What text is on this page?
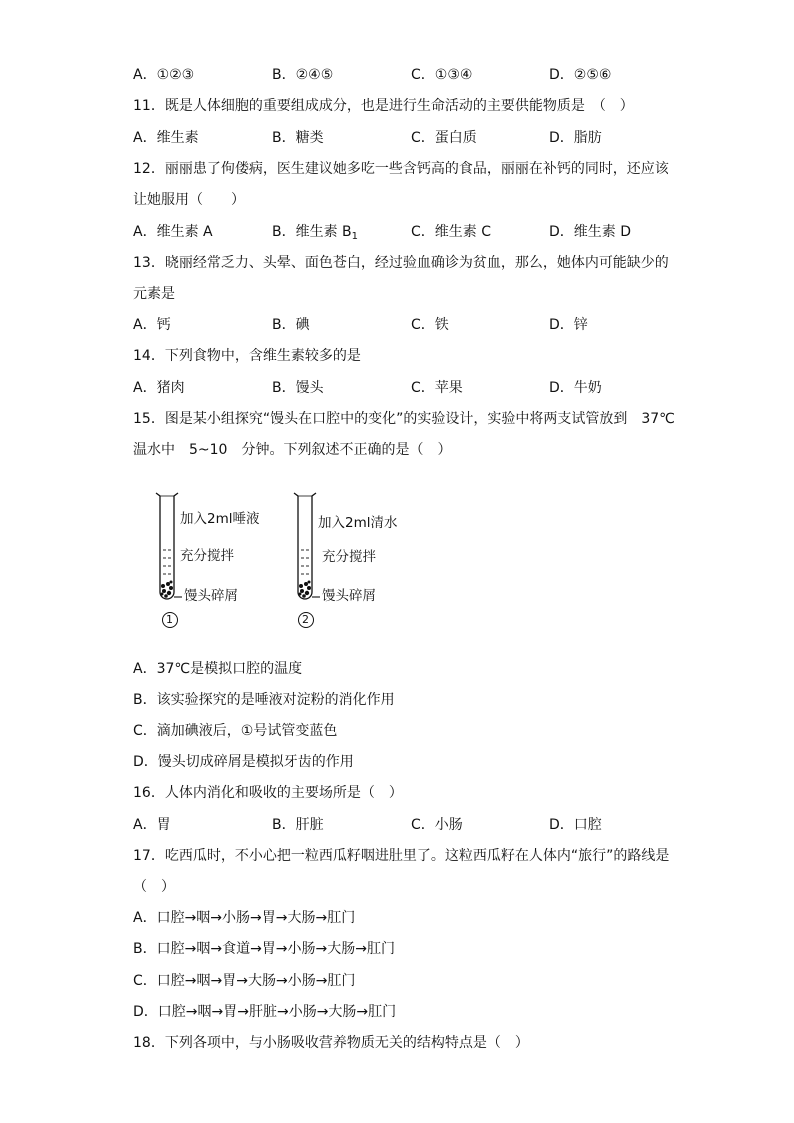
A．①②③	B．②④⑤	C．①③④	D．②⑤⑥
11．既是人体细胞的重要组成成分，也是进行生命活动的主要供能物质是　（　）
A．维生素	B．糖类	C．蛋白质	D．脂肪
12．丽丽患了佝偻病，医生建议她多吃一些含钙高的食品，丽丽在补钙的同时，还应该
让她服用（　　）
A．维生素 A	B．维生素 $B_1$	C．维生素 C	D．维生素 D
13．晓丽经常乏力、头晕、面色苍白，经过验血确诊为贫血，那么，她体内可能缺少的
元素是
A．钙	B．碘	C．铁	D．锌
14．下列食物中，含维生素较多的是
A．猪肉	B．馒头	C．苹果	D．牛奶
15．图是某小组探究“馒头在口腔中的变化”的实验设计，实验中将两支试管放到　37℃
温水中　5~10　分钟。下列叙述不正确的是（　）
加入2ml唾液
充分搅拌
馒头碎屑
加入2ml清水
充分搅拌
馒头碎屑
1	2
A．37℃是模拟口腔的温度
B．该实验探究的是唾液对淀粉的消化作用
C．滴加碘液后，①号试管变蓝色
D．馒头切成碎屑是模拟牙齿的作用
16．人体内消化和吸收的主要场所是（　）
A．胃	B．肝脏	C．小肠	D．口腔
17．吃西瓜时，不小心把一粒西瓜籽咽进肚里了。这粒西瓜籽在人体内“旅行”的路线是
（　）
A．口腔→咽→小肠→胃→大肠→肛门
B．口腔→咽→食道→胃→小肠→大肠→肛门
C．口腔→咽→胃→大肠→小肠→肛门
D．口腔→咽→胃→肝脏→小肠→大肠→肛门
18．下列各项中，与小肠吸收营养物质无关的结构特点是（　）
